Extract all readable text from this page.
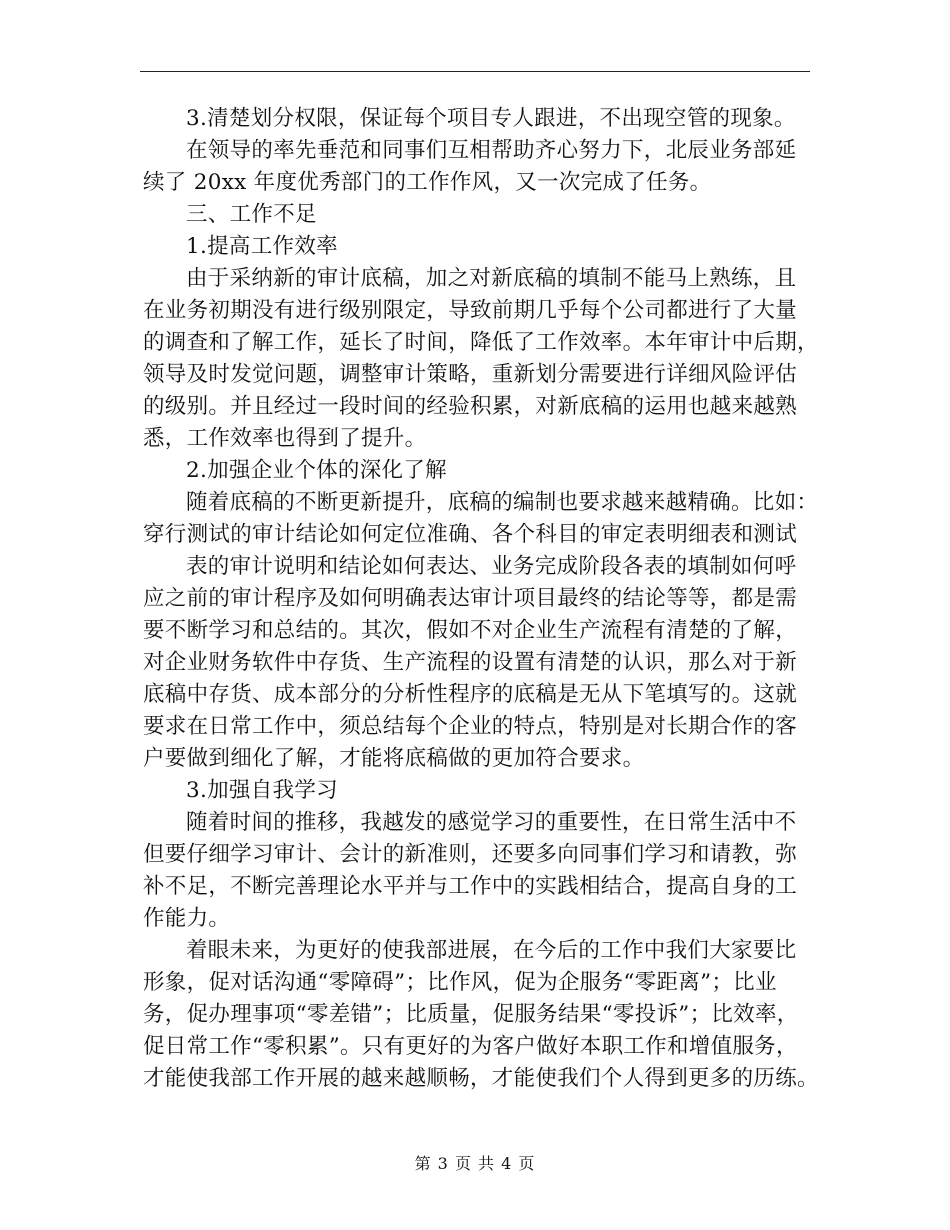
3.清楚划分权限，保证每个项目专人跟进，不出现空管的现象。
在领导的率先垂范和同事们互相帮助齐心努力下，北辰业务部延
续了 20xx 年度优秀部门的工作作风，又一次完成了任务。
三、工作不足
1.提高工作效率
由于采纳新的审计底稿，加之对新底稿的填制不能马上熟练，且
在业务初期没有进行级别限定，导致前期几乎每个公司都进行了大量
的调查和了解工作，延长了时间，降低了工作效率。本年审计中后期，
领导及时发觉问题，调整审计策略，重新划分需要进行详细风险评估
的级别。并且经过一段时间的经验积累，对新底稿的运用也越来越熟
悉，工作效率也得到了提升。
2.加强企业个体的深化了解
随着底稿的不断更新提升，底稿的编制也要求越来越精确。比如：
穿行测试的审计结论如何定位准确、各个科目的审定表明细表和测试
表的审计说明和结论如何表达、业务完成阶段各表的填制如何呼
应之前的审计程序及如何明确表达审计项目最终的结论等等，都是需
要不断学习和总结的。其次，假如不对企业生产流程有清楚的了解，
对企业财务软件中存货、生产流程的设置有清楚的认识，那么对于新
底稿中存货、成本部分的分析性程序的底稿是无从下笔填写的。这就
要求在日常工作中，须总结每个企业的特点，特别是对长期合作的客
户要做到细化了解，才能将底稿做的更加符合要求。
3.加强自我学习
随着时间的推移，我越发的感觉学习的重要性，在日常生活中不
但要仔细学习审计、会计的新准则，还要多向同事们学习和请教，弥
补不足，不断完善理论水平并与工作中的实践相结合，提高自身的工
作能力。
着眼未来，为更好的使我部进展，在今后的工作中我们大家要比
形象，促对话沟通“零障碍”；比作风，促为企服务“零距离”；比业
务，促办理事项“零差错”；比质量，促服务结果“零投诉”；比效率，
促日常工作“零积累”。只有更好的为客户做好本职工作和增值服务，
才能使我部工作开展的越来越顺畅，才能使我们个人得到更多的历练。
第 3 页 共 4 页
